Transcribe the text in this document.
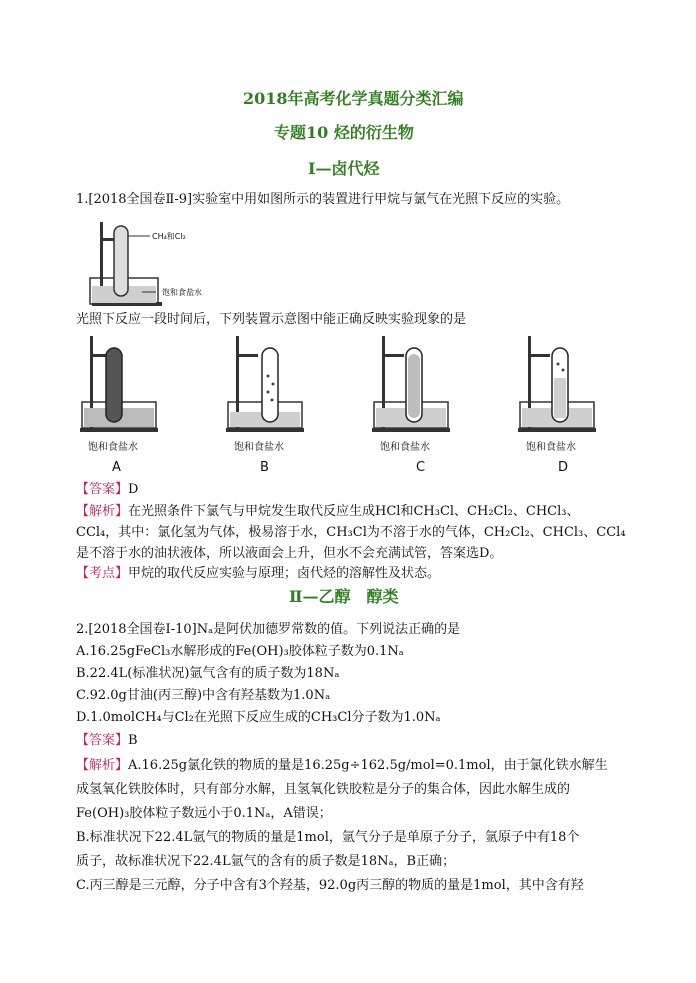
2018年高考化学真题分类汇编
专题10 烃的衍生物
Ⅰ—卤代烃
1.[2018全国卷Ⅱ-9]实验室中用如图所示的装置进行甲烷与氯气在光照下反应的实验。
CH₄和Cl₂
饱和食盐水
光照下反应一段时间后，下列装置示意图中能正确反映实验现象的是
饱和食盐水
A
饱和食盐水
B
饱和食盐水
C
饱和食盐水
D
【答案】D
【解析】在光照条件下氯气与甲烷发生取代反应生成HCl和CH₃Cl、CH₂Cl₂、CHCl₃、
CCl₄，其中：氯化氢为气体，极易溶于水，CH₃Cl为不溶于水的气体，CH₂Cl₂、CHCl₃、CCl₄
是不溶于水的油状液体，所以液面会上升，但水不会充满试管，答案选D。
【考点】甲烷的取代反应实验与原理；卤代烃的溶解性及状态。
Ⅱ—乙醇　醇类
2.[2018全国卷Ⅰ-10]Nₐ是阿伏加德罗常数的值。下列说法正确的是
A.16.25gFeCl₃水解形成的Fe(OH)₃胶体粒子数为0.1Nₐ
B.22.4L(标准状况)氩气含有的质子数为18Nₐ
C.92.0g甘油(丙三醇)中含有羟基数为1.0Nₐ
D.1.0molCH₄与Cl₂在光照下反应生成的CH₃Cl分子数为1.0Nₐ
【答案】B
【解析】A.16.25g氯化铁的物质的量是16.25g÷162.5g/mol=0.1mol，由于氯化铁水解生
成氢氧化铁胶体时，只有部分水解，且氢氧化铁胶粒是分子的集合体，因此水解生成的
Fe(OH)₃胶体粒子数远小于0.1Nₐ，A错误；
B.标准状况下22.4L氩气的物质的量是1mol，氩气分子是单原子分子，氩原子中有18个
质子，故标准状况下22.4L氩气的含有的质子数是18Nₐ，B正确；
C.丙三醇是三元醇，分子中含有3个羟基，92.0g丙三醇的物质的量是1mol，其中含有羟
